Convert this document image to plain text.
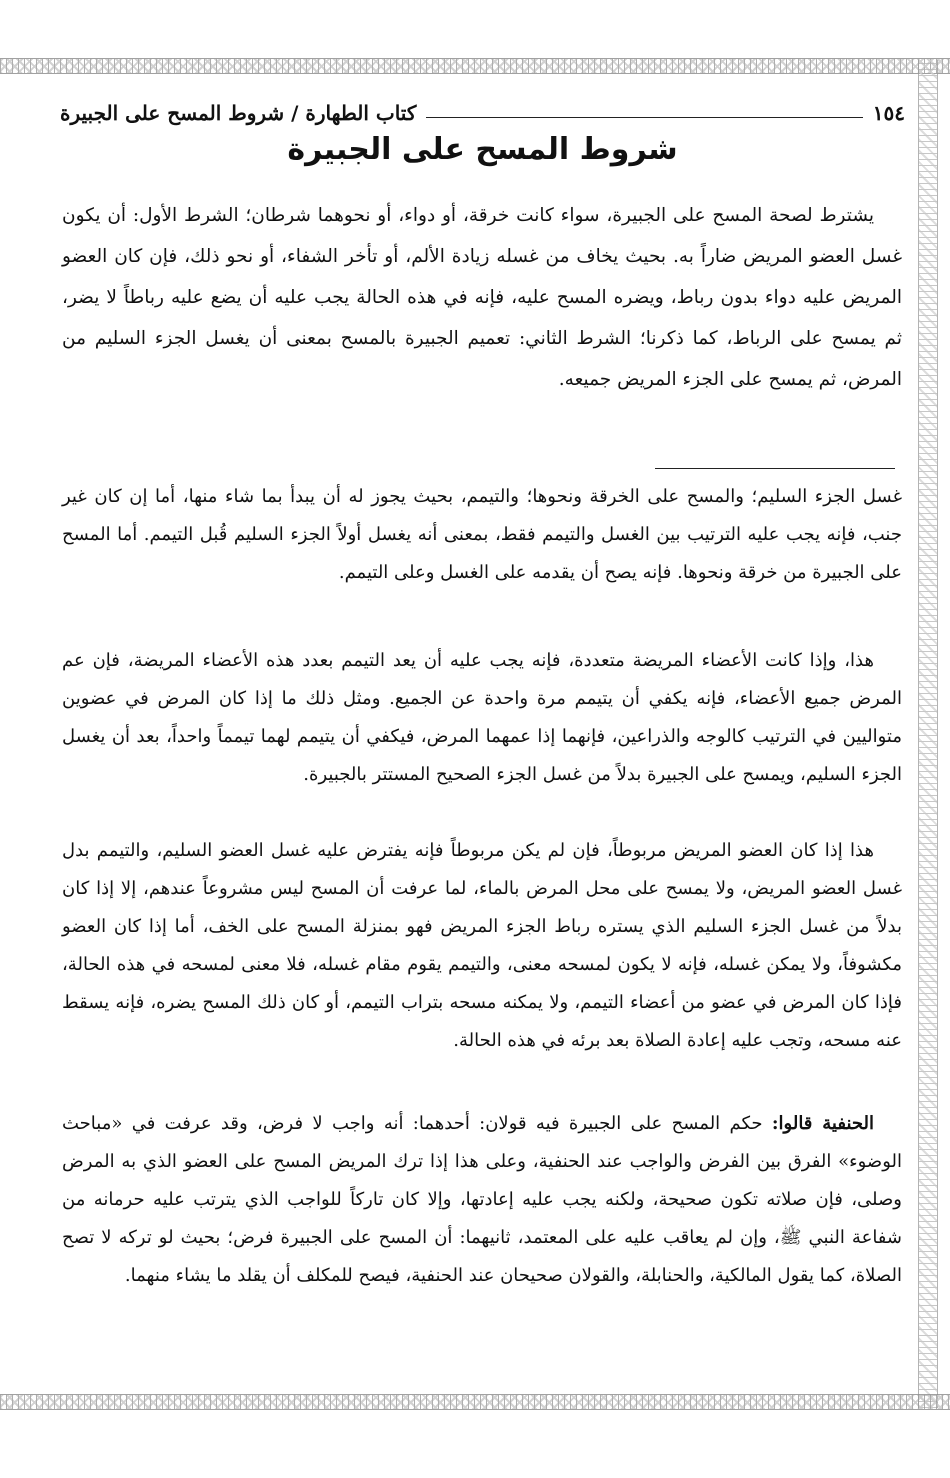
١٥٤
كتاب الطهارة / شروط المسح على الجبيرة
شروط المسح على الجبيرة
يشترط لصحة المسح على الجبيرة، سواء كانت خرقة، أو دواء، أو نحوهما شرطان؛ الشرط الأول: أن يكون غسل العضو المريض ضاراً به. بحيث يخاف من غسله زيادة الألم، أو تأخر الشفاء، أو نحو ذلك، فإن كان العضو المريض عليه دواء بدون رباط، ويضره المسح عليه، فإنه في هذه الحالة يجب عليه أن يضع عليه رباطاً لا يضر، ثم يمسح على الرباط، كما ذكرنا؛ الشرط الثاني: تعميم الجبيرة بالمسح بمعنى أن يغسل الجزء السليم من المرض، ثم يمسح على الجزء المريض جميعه.
غسل الجزء السليم؛ والمسح على الخرقة ونحوها؛ والتيمم، بحيث يجوز له أن يبدأ بما شاء منها، أما إن كان غير جنب، فإنه يجب عليه الترتيب بين الغسل والتيمم فقط، بمعنى أنه يغسل أولاً الجزء السليم قُبل التيمم. أما المسح على الجبيرة من خرقة ونحوها. فإنه يصح أن يقدمه على الغسل وعلى التيمم.
هذا، وإذا كانت الأعضاء المريضة متعددة، فإنه يجب عليه أن يعد التيمم بعدد هذه الأعضاء المريضة، فإن عم المرض جميع الأعضاء، فإنه يكفي أن يتيمم مرة واحدة عن الجميع. ومثل ذلك ما إذا كان المرض في عضوين متواليين في الترتيب كالوجه والذراعين، فإنهما إذا عمهما المرض، فيكفي أن يتيمم لهما تيمماً واحداً، بعد أن يغسل الجزء السليم، ويمسح على الجبيرة بدلاً من غسل الجزء الصحيح المستتر بالجبيرة.
هذا إذا كان العضو المريض مربوطاً، فإن لم يكن مربوطاً فإنه يفترض عليه غسل العضو السليم، والتيمم بدل غسل العضو المريض، ولا يمسح على محل المرض بالماء، لما عرفت أن المسح ليس مشروعاً عندهم، إلا إذا كان بدلاً من غسل الجزء السليم الذي يستره رباط الجزء المريض فهو بمنزلة المسح على الخف، أما إذا كان العضو مكشوفاً، ولا يمكن غسله، فإنه لا يكون لمسحه معنى، والتيمم يقوم مقام غسله، فلا معنى لمسحه في هذه الحالة، فإذا كان المرض في عضو من أعضاء التيمم، ولا يمكنه مسحه بتراب التيمم، أو كان ذلك المسح يضره، فإنه يسقط عنه مسحه، وتجب عليه إعادة الصلاة بعد برئه في هذه الحالة.
الحنفية قالوا: حكم المسح على الجبيرة فيه قولان: أحدهما: أنه واجب لا فرض، وقد عرفت في «مباحث الوضوء» الفرق بين الفرض والواجب عند الحنفية، وعلى هذا إذا ترك المريض المسح على العضو الذي به المرض وصلى، فإن صلاته تكون صحيحة، ولكنه يجب عليه إعادتها، وإلا كان تاركاً للواجب الذي يترتب عليه حرمانه من شفاعة النبي ﷺ، وإن لم يعاقب عليه على المعتمد، ثانيهما: أن المسح على الجبيرة فرض؛ بحيث لو تركه لا تصح الصلاة، كما يقول المالكية، والحنابلة، والقولان صحيحان عند الحنفية، فيصح للمكلف أن يقلد ما يشاء منهما.
